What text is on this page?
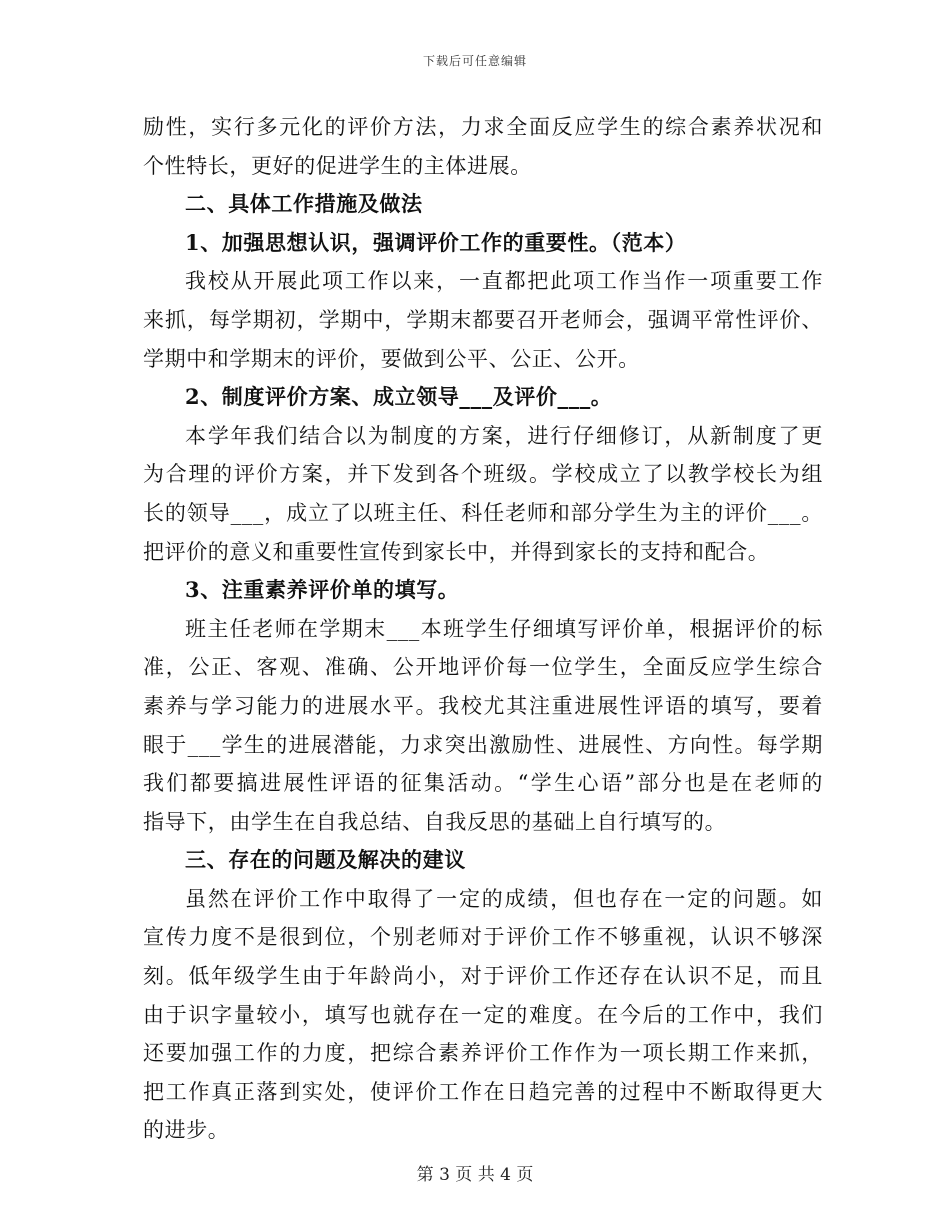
下载后可任意编辑
励性，实行多元化的评价方法，力求全面反应学生的综合素养状况和
个性特长，更好的促进学生的主体进展。
二、具体工作措施及做法
1、加强思想认识，强调评价工作的重要性。（范本）
我校从开展此项工作以来，一直都把此项工作当作一项重要工作
来抓，每学期初，学期中，学期末都要召开老师会，强调平常性评价、
学期中和学期末的评价，要做到公平、公正、公开。
2、制度评价方案、成立领导___及评价___。
本学年我们结合以为制度的方案，进行仔细修订，从新制度了更
为合理的评价方案，并下发到各个班级。学校成立了以教学校长为组
长的领导___，成立了以班主任、科任老师和部分学生为主的评价___。
把评价的意义和重要性宣传到家长中，并得到家长的支持和配合。
3、注重素养评价单的填写。
班主任老师在学期末___本班学生仔细填写评价单，根据评价的标
准，公正、客观、准确、公开地评价每一位学生，全面反应学生综合
素养与学习能力的进展水平。我校尤其注重进展性评语的填写，要着
眼于___学生的进展潜能，力求突出激励性、进展性、方向性。每学期
我们都要搞进展性评语的征集活动。“学生心语”部分也是在老师的
指导下，由学生在自我总结、自我反思的基础上自行填写的。
三、存在的问题及解决的建议
虽然在评价工作中取得了一定的成绩，但也存在一定的问题。如
宣传力度不是很到位，个别老师对于评价工作不够重视，认识不够深
刻。低年级学生由于年龄尚小，对于评价工作还存在认识不足，而且
由于识字量较小，填写也就存在一定的难度。在今后的工作中，我们
还要加强工作的力度，把综合素养评价工作作为一项长期工作来抓，
把工作真正落到实处，使评价工作在日趋完善的过程中不断取得更大
的进步。
第 3 页 共 4 页
